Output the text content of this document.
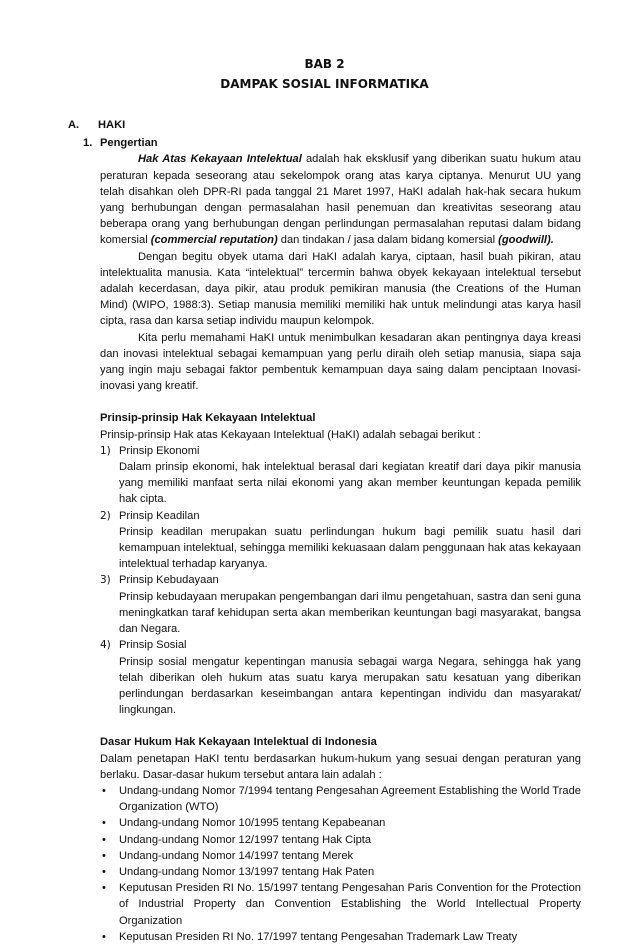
BAB 2
DAMPAK SOSIAL INFORMATIKA
A.	HAKI
1. Pengertian

Hak Atas Kekayaan Intelektual adalah hak eksklusif yang diberikan suatu hukum atau peraturan kepada seseorang atau sekelompok orang atas karya ciptanya. Menurut UU yang telah disahkan oleh DPR-RI pada tanggal 21 Maret 1997, HaKI adalah hak-hak secara hukum yang berhubungan dengan permasalahan hasil penemuan dan kreativitas seseorang atau beberapa orang yang berhubungan dengan perlindungan permasalahan reputasi dalam bidang komersial (commercial reputation) dan tindakan / jasa dalam bidang komersial (goodwill).

Dengan begitu obyek utama dari HaKI adalah karya, ciptaan, hasil buah pikiran, atau intelektualita manusia. Kata “intelektual” tercermin bahwa obyek kekayaan intelektual tersebut adalah kecerdasan, daya pikir, atau produk pemikiran manusia (the Creations of the Human Mind) (WIPO, 1988:3). Setiap manusia memiliki memiliki hak untuk melindungi atas karya hasil cipta, rasa dan karsa setiap individu maupun kelompok.

Kita perlu memahami HaKI untuk menimbulkan kesadaran akan pentingnya daya kreasi dan inovasi intelektual sebagai kemampuan yang perlu diraih oleh setiap manusia, siapa saja yang ingin maju sebagai faktor pembentuk kemampuan daya saing dalam penciptaan Inovasi-inovasi yang kreatif.

Prinsip-prinsip Hak Kekayaan Intelektual

Prinsip-prinsip Hak atas Kekayaan Intelektual (HaKI) adalah sebagai berikut :

1) Prinsip Ekonomi

Dalam prinsip ekonomi, hak intelektual berasal dari kegiatan kreatif dari daya pikir manusia yang memiliki manfaat serta nilai ekonomi yang akan member keuntungan kepada pemilik hak cipta.

2) Prinsip Keadilan

Prinsip keadilan merupakan suatu perlindungan hukum bagi pemilik suatu hasil dari kemampuan intelektual, sehingga memiliki kekuasaan dalam penggunaan hak atas kekayaan intelektual terhadap karyanya.

3) Prinsip Kebudayaan

Prinsip kebudayaan merupakan pengembangan dari ilmu pengetahuan, sastra dan seni guna meningkatkan taraf kehidupan serta akan memberikan keuntungan bagi masyarakat, bangsa dan Negara.

4) Prinsip Sosial

Prinsip sosial mengatur kepentingan manusia sebagai warga Negara, sehingga hak yang telah diberikan oleh hukum atas suatu karya merupakan satu kesatuan yang diberikan perlindungan berdasarkan keseimbangan antara kepentingan individu dan masyarakat/ lingkungan.

Dasar Hukum Hak Kekayaan Intelektual di Indonesia

Dalam penetapan HaKI tentu berdasarkan hukum-hukum yang sesuai dengan peraturan yang berlaku. Dasar-dasar hukum tersebut antara lain adalah :

• Undang-undang Nomor 7/1994 tentang Pengesahan Agreement Establishing the World Trade Organization (WTO)

• Undang-undang Nomor 10/1995 tentang Kepabeanan

• Undang-undang Nomor 12/1997 tentang Hak Cipta

• Undang-undang Nomor 14/1997 tentang Merek

• Undang-undang Nomor 13/1997 tentang Hak Paten

• Keputusan Presiden RI No. 15/1997 tentang Pengesahan Paris Convention for the Protection of Industrial Property dan Convention Establishing the World Intellectual Property Organization

• Keputusan Presiden RI No. 17/1997 tentang Pengesahan Trademark Law Treaty
